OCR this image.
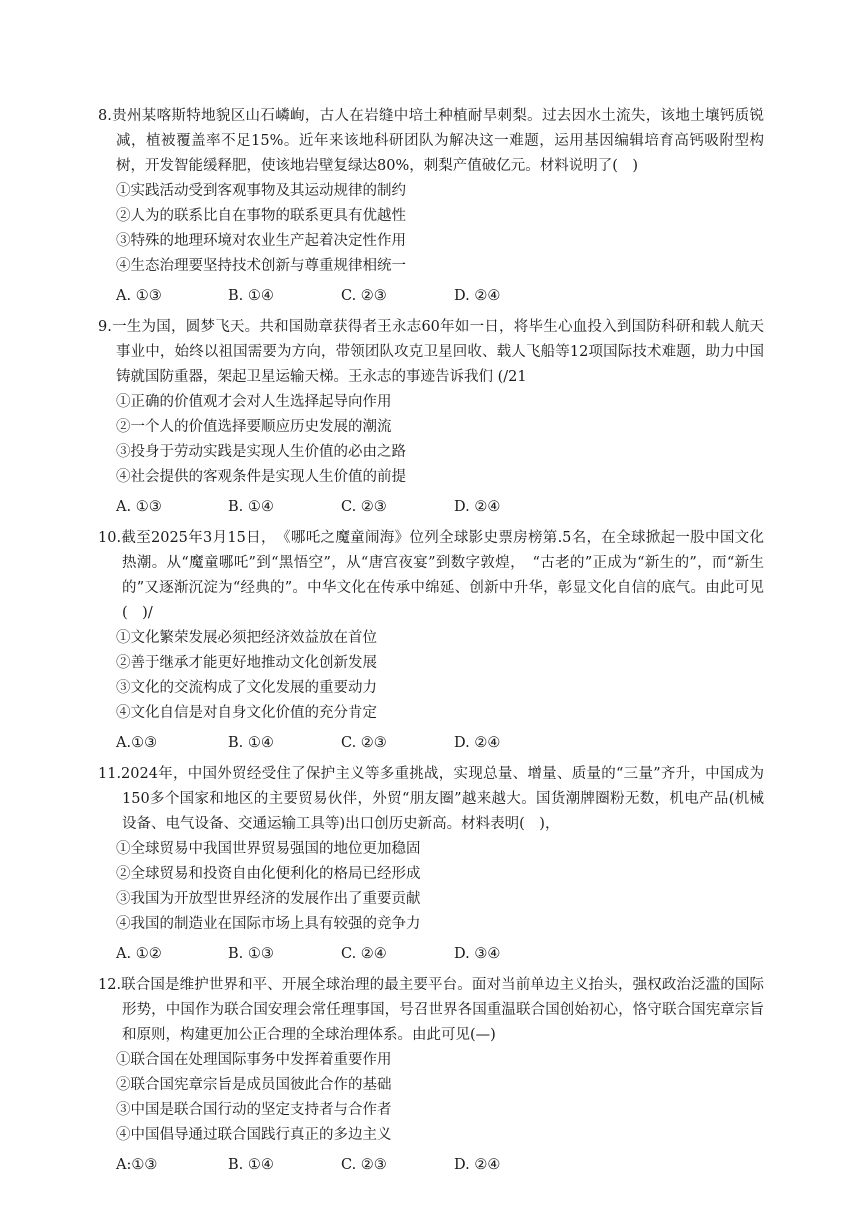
8.贵州某喀斯特地貌区山石嶙峋，古人在岩缝中培土种植耐旱刺梨。过去因水土流失，该地土壤钙质锐减，植被覆盖率不足15%。近年来该地科研团队为解决这一难题，运用基因编辑培育高钙吸附型构树，开发智能缓释肥，使该地岩壁复绿达80%，刺梨产值破亿元。材料说明了(　)

①实践活动受到客观事物及其运动规律的制约

②人为的联系比自在事物的联系更具有优越性

③特殊的地理环境对农业生产起着决定性作用

④生态治理要坚持技术创新与尊重规律相统一

A. ①③	B. ①④	C. ②③	D. ②④

9.一生为国，圆梦飞天。共和国勋章获得者王永志60年如一日，将毕生心血投入到国防科研和载人航天事业中，始终以祖国需要为方向，带领团队攻克卫星回收、载人飞船等12项国际技术难题，助力中国铸就国防重器，架起卫星运输天梯。王永志的事迹告诉我们 (/21

①正确的价值观才会对人生选择起导向作用

②一个人的价值选择要顺应历史发展的潮流

③投身于劳动实践是实现人生价值的必由之路

④社会提供的客观条件是实现人生价值的前提

A. ①③	B. ①④	C. ②③	D. ②④

10.截至2025年3月15日，　《哪吒之魔童闹海》位列全球影史票房榜第.5名，在全球掀起一股中国文化热潮。从“魔童哪吒”到“黑悟空”，从“唐宫夜宴”到数字敦煌，　“古老的”正成为“新生的”，而“新生的”又逐渐沉淀为“经典的”。中华文化在传承中绵延、创新中升华，彰显文化自信的底气。由此可见 (　)/

①文化繁荣发展必须把经济效益放在首位

②善于继承才能更好地推动文化创新发展

③文化的交流构成了文化发展的重要动力

④文化自信是对自身文化价值的充分肯定

A.①③	B. ①④	C. ②③	D. ②④

11.2024年，中国外贸经受住了保护主义等多重挑战，实现总量、增量、质量的“三量”齐升，中国成为150多个国家和地区的主要贸易伙伴，外贸“朋友圈”越来越大。国货潮牌圈粉无数，机电产品(机械设备、电气设备、交通运输工具等)出口创历史新高。材料表明(　)，

①全球贸易中我国世界贸易强国的地位更加稳固

②全球贸易和投资自由化便利化的格局已经形成

③我国为开放型世界经济的发展作出了重要贡献

④我国的制造业在国际市场上具有较强的竞争力

A. ①②	B. ①③	C. ②④	D. ③④

12.联合国是维护世界和平、开展全球治理的最主要平台。面对当前单边主义抬头，强权政治泛滥的国际形势，中国作为联合国安理会常任理事国，号召世界各国重温联合国创始初心，恪守联合国宪章宗旨和原则，构建更加公正合理的全球治理体系。由此可见(—)

①联合国在处理国际事务中发挥着重要作用

②联合国宪章宗旨是成员国彼此合作的基础

③中国是联合国行动的坚定支持者与合作者

④中国倡导通过联合国践行真正的多边主义

A:①③	B. ①④	C. ②③	D. ②④
